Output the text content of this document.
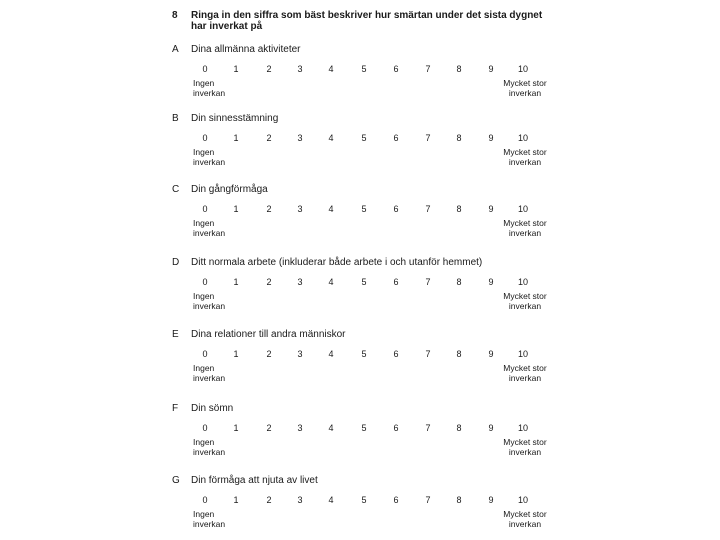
8 Ringa in den siffra som bäst beskriver hur smärtan under det sista dygnet har inverkat på
A Dina allmänna aktiviteter
0	1	2	3	4	5	6	7	8	9	10
Ingen
inverkan
Mycket stor
inverkan
B Din sinnesstämning
0	1	2	3	4	5	6	7	8	9	10
Ingen
inverkan
Mycket stor
inverkan
C Din gångförmåga
0	1	2	3	4	5	6	7	8	9	10
Ingen
inverkan
Mycket stor
inverkan
D Ditt normala arbete (inkluderar både arbete i och utanför hemmet)
0	1	2	3	4	5	6	7	8	9	10
Ingen
inverkan
Mycket stor
inverkan
E Dina relationer till andra människor
0	1	2	3	4	5	6	7	8	9	10
Ingen
inverkan
Mycket stor
inverkan
F Din sömn
0	1	2	3	4	5	6	7	8	9	10
Ingen
inverkan
Mycket stor
inverkan
G Din förmåga att njuta av livet
0	1	2	3	4	5	6	7	8	9	10
Ingen
inverkan
Mycket stor
inverkan
